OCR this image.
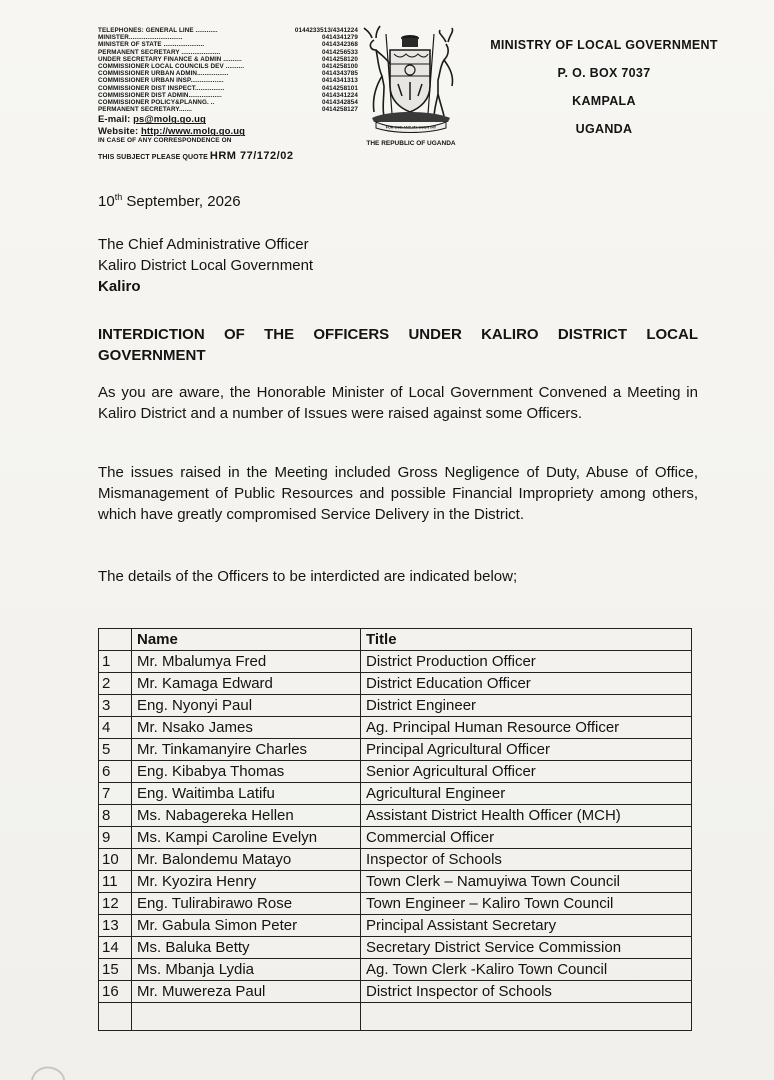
TELEPHONES: GENERAL LINE ............	0144233513/4341224
MINISTER.............................	0414341279
MINISTER OF STATE ......................	0414342368
PERMANENT SECRETARY .....................	0414256533
UNDER SECRETARY FINANCE & ADMIN ..........	0414258120
COMMISSIONER LOCAL COUNCILS DEV ..........	0414258100
COMMISSIONER URBAN ADMIN.................	0414343785
COMMISSIONER URBAN INSP..................	0414341313
COMMISSIONER DIST INSPECT................	0414258101
COMMISSIONER DIST ADMIN..................	0414341224
COMMISSIONER POLICY&PLANNG. ..	0414342854
PERMANENT SECRETARY.......	0414258127
E-mail: ps@molg.go.ug
Website: http://www.molg.go.ug
IN CASE OF ANY CORRESPONDENCE ON
THIS SUBJECT PLEASE QUOTE HRM 77/172/02
FOR GOD AND MY COUNTRY
THE REPUBLIC OF UGANDA
MINISTRY OF LOCAL GOVERNMENT
P. O. BOX 7037
KAMPALA
UGANDA
10th September, 2026
The Chief Administrative Officer
Kaliro District Local Government
Kaliro
INTERDICTION OF THE OFFICERS UNDER KALIRO DISTRICT LOCAL
GOVERNMENT
As you are aware, the Honorable Minister of Local Government Convened a Meeting in Kaliro District and a number of Issues were raised against some Officers.
The issues raised in the Meeting included Gross Negligence of Duty, Abuse of Office, Mismanagement of Public Resources and possible Financial Impropriety among others, which have greatly compromised Service Delivery in the District.
The details of the Officers to be interdicted are indicated below;
	Name	Title
1	Mr. Mbalumya Fred	District Production Officer
2	Mr. Kamaga Edward	District Education Officer
3	Eng. Nyonyi Paul	District Engineer
4	Mr. Nsako James	Ag. Principal Human Resource Officer
5	Mr. Tinkamanyire Charles	Principal Agricultural Officer
6	Eng. Kibabya Thomas	Senior Agricultural Officer
7	Eng. Waitimba Latifu	Agricultural Engineer
8	Ms. Nabagereka Hellen	Assistant District Health Officer (MCH)
9	Ms. Kampi Caroline Evelyn	Commercial Officer
10	Mr. Balondemu Matayo	Inspector of Schools
11	Mr. Kyozira Henry	Town Clerk – Namuyiwa Town Council
12	Eng. Tulirabirawo Rose	Town Engineer – Kaliro Town Council
13	Mr. Gabula Simon Peter	Principal Assistant Secretary
14	Ms. Baluka Betty	Secretary District Service Commission
15	Ms. Mbanja Lydia	Ag. Town Clerk -Kaliro Town Council
16	Mr. Muwereza Paul	District Inspector of Schools
